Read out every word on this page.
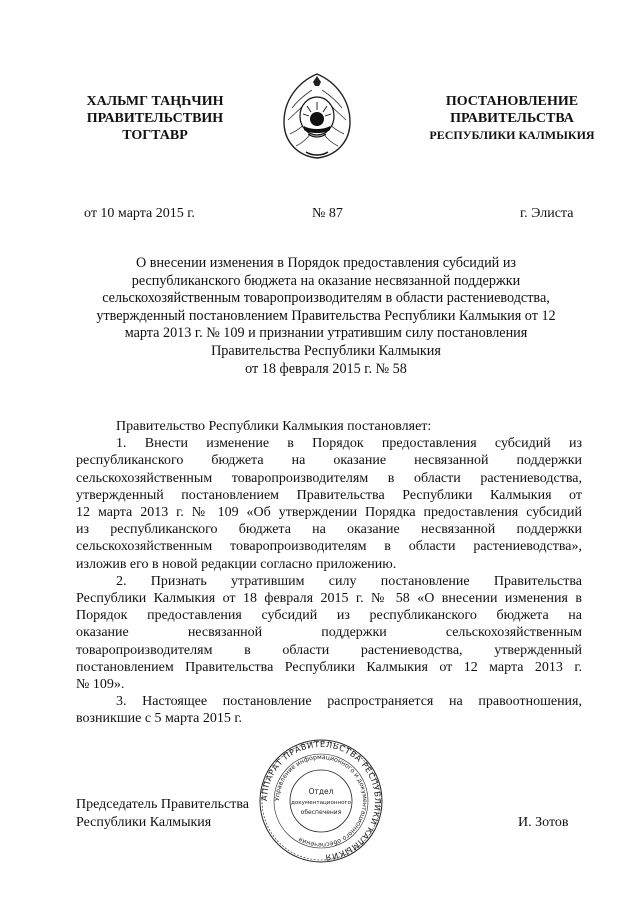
ХАЛЬМГ ТАҢҺЧИН
ПРАВИТЕЛЬСТВИН
ТОГТАВР
ПОСТАНОВЛЕНИЕ
ПРАВИТЕЛЬСТВА
РЕСПУБЛИКИ КАЛМЫКИЯ
от 10 марта 2015 г.	№ 87	г. Элиста
О внесении изменения в Порядок предоставления субсидий из
республиканского бюджета на оказание несвязанной поддержки
сельскохозяйственным товаропроизводителям в области растениеводства,
утвержденный постановлением Правительства Республики Калмыкия от 12
марта 2013 г. № 109 и признании утратившим силу постановления
Правительства Республики Калмыкия
от 18 февраля 2015 г. № 58
Правительство Республики Калмыкия постановляет:
1. Внести изменение в Порядок предоставления субсидий из
республиканского бюджета на оказание несвязанной поддержки
сельскохозяйственным товаропроизводителям в области растениеводства,
утвержденный постановлением Правительства Республики Калмыкия от
12 марта 2013 г. № 109 «Об утверждении Порядка предоставления субсидий
из республиканского бюджета на оказание несвязанной поддержки
сельскохозяйственным товаропроизводителям в области растениеводства»,
изложив его в новой редакции согласно приложению.
2. Признать утратившим силу постановление Правительства
Республики Калмыкия от 18 февраля 2015 г. № 58 «О внесении изменения в
Порядок предоставления субсидий из республиканского бюджета на
оказание несвязанной поддержки сельскохозяйственным
товаропроизводителям в области растениеводства, утвержденный
постановлением Правительства Республики Калмыкия от 12 марта 2013 г.
№ 109».
3. Настоящее постановление распространяется на правоотношения,
возникшие с 5 марта 2015 г.
Председатель Правительства
Республики Калмыкия	И. Зотов
АППАРАТ ПРАВИТЕЛЬСТВА РЕСПУБЛИКИ КАЛМЫКИЯ
Управление информационного и документационного обеспечения
Отдел
документационного
обеспечения
